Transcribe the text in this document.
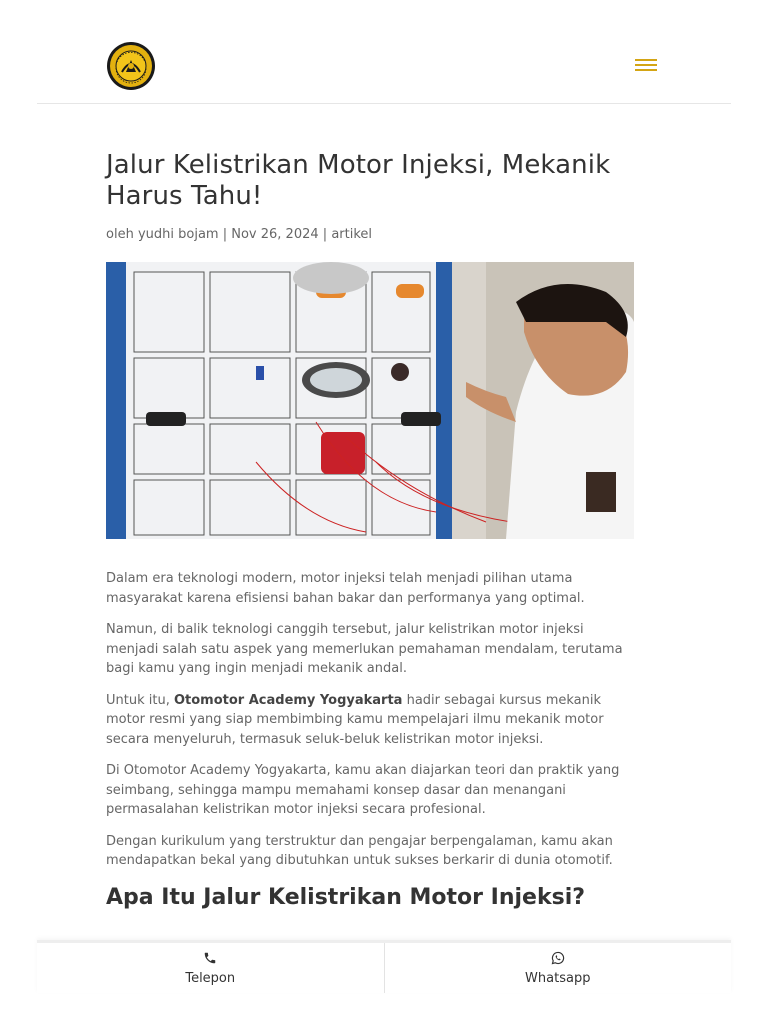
Jalur Kelistrikan Motor Injeksi, Mekanik Harus Tahu!
oleh yudhi bojam | Nov 26, 2024 | artikel

Dalam era teknologi modern, motor injeksi telah menjadi pilihan utama masyarakat karena efisiensi bahan bakar dan performanya yang optimal.

Namun, di balik teknologi canggih tersebut, jalur kelistrikan motor injeksi menjadi salah satu aspek yang memerlukan pemahaman mendalam, terutama bagi kamu yang ingin menjadi mekanik andal.

Untuk itu, Otomotor Academy Yogyakarta hadir sebagai kursus mekanik motor resmi yang siap membimbing kamu mempelajari ilmu mekanik motor secara menyeluruh, termasuk seluk-beluk kelistrikan motor injeksi.

Di Otomotor Academy Yogyakarta, kamu akan diajarkan teori dan praktik yang seimbang, sehingga mampu memahami konsep dasar dan menangani permasalahan kelistrikan motor injeksi secara profesional.

Dengan kurikulum yang terstruktur dan pengajar berpengalaman, kamu akan mendapatkan bekal yang dibutuhkan untuk sukses berkarir di dunia otomotif.

Apa Itu Jalur Kelistrikan Motor Injeksi?
Telepon	Whatsapp
